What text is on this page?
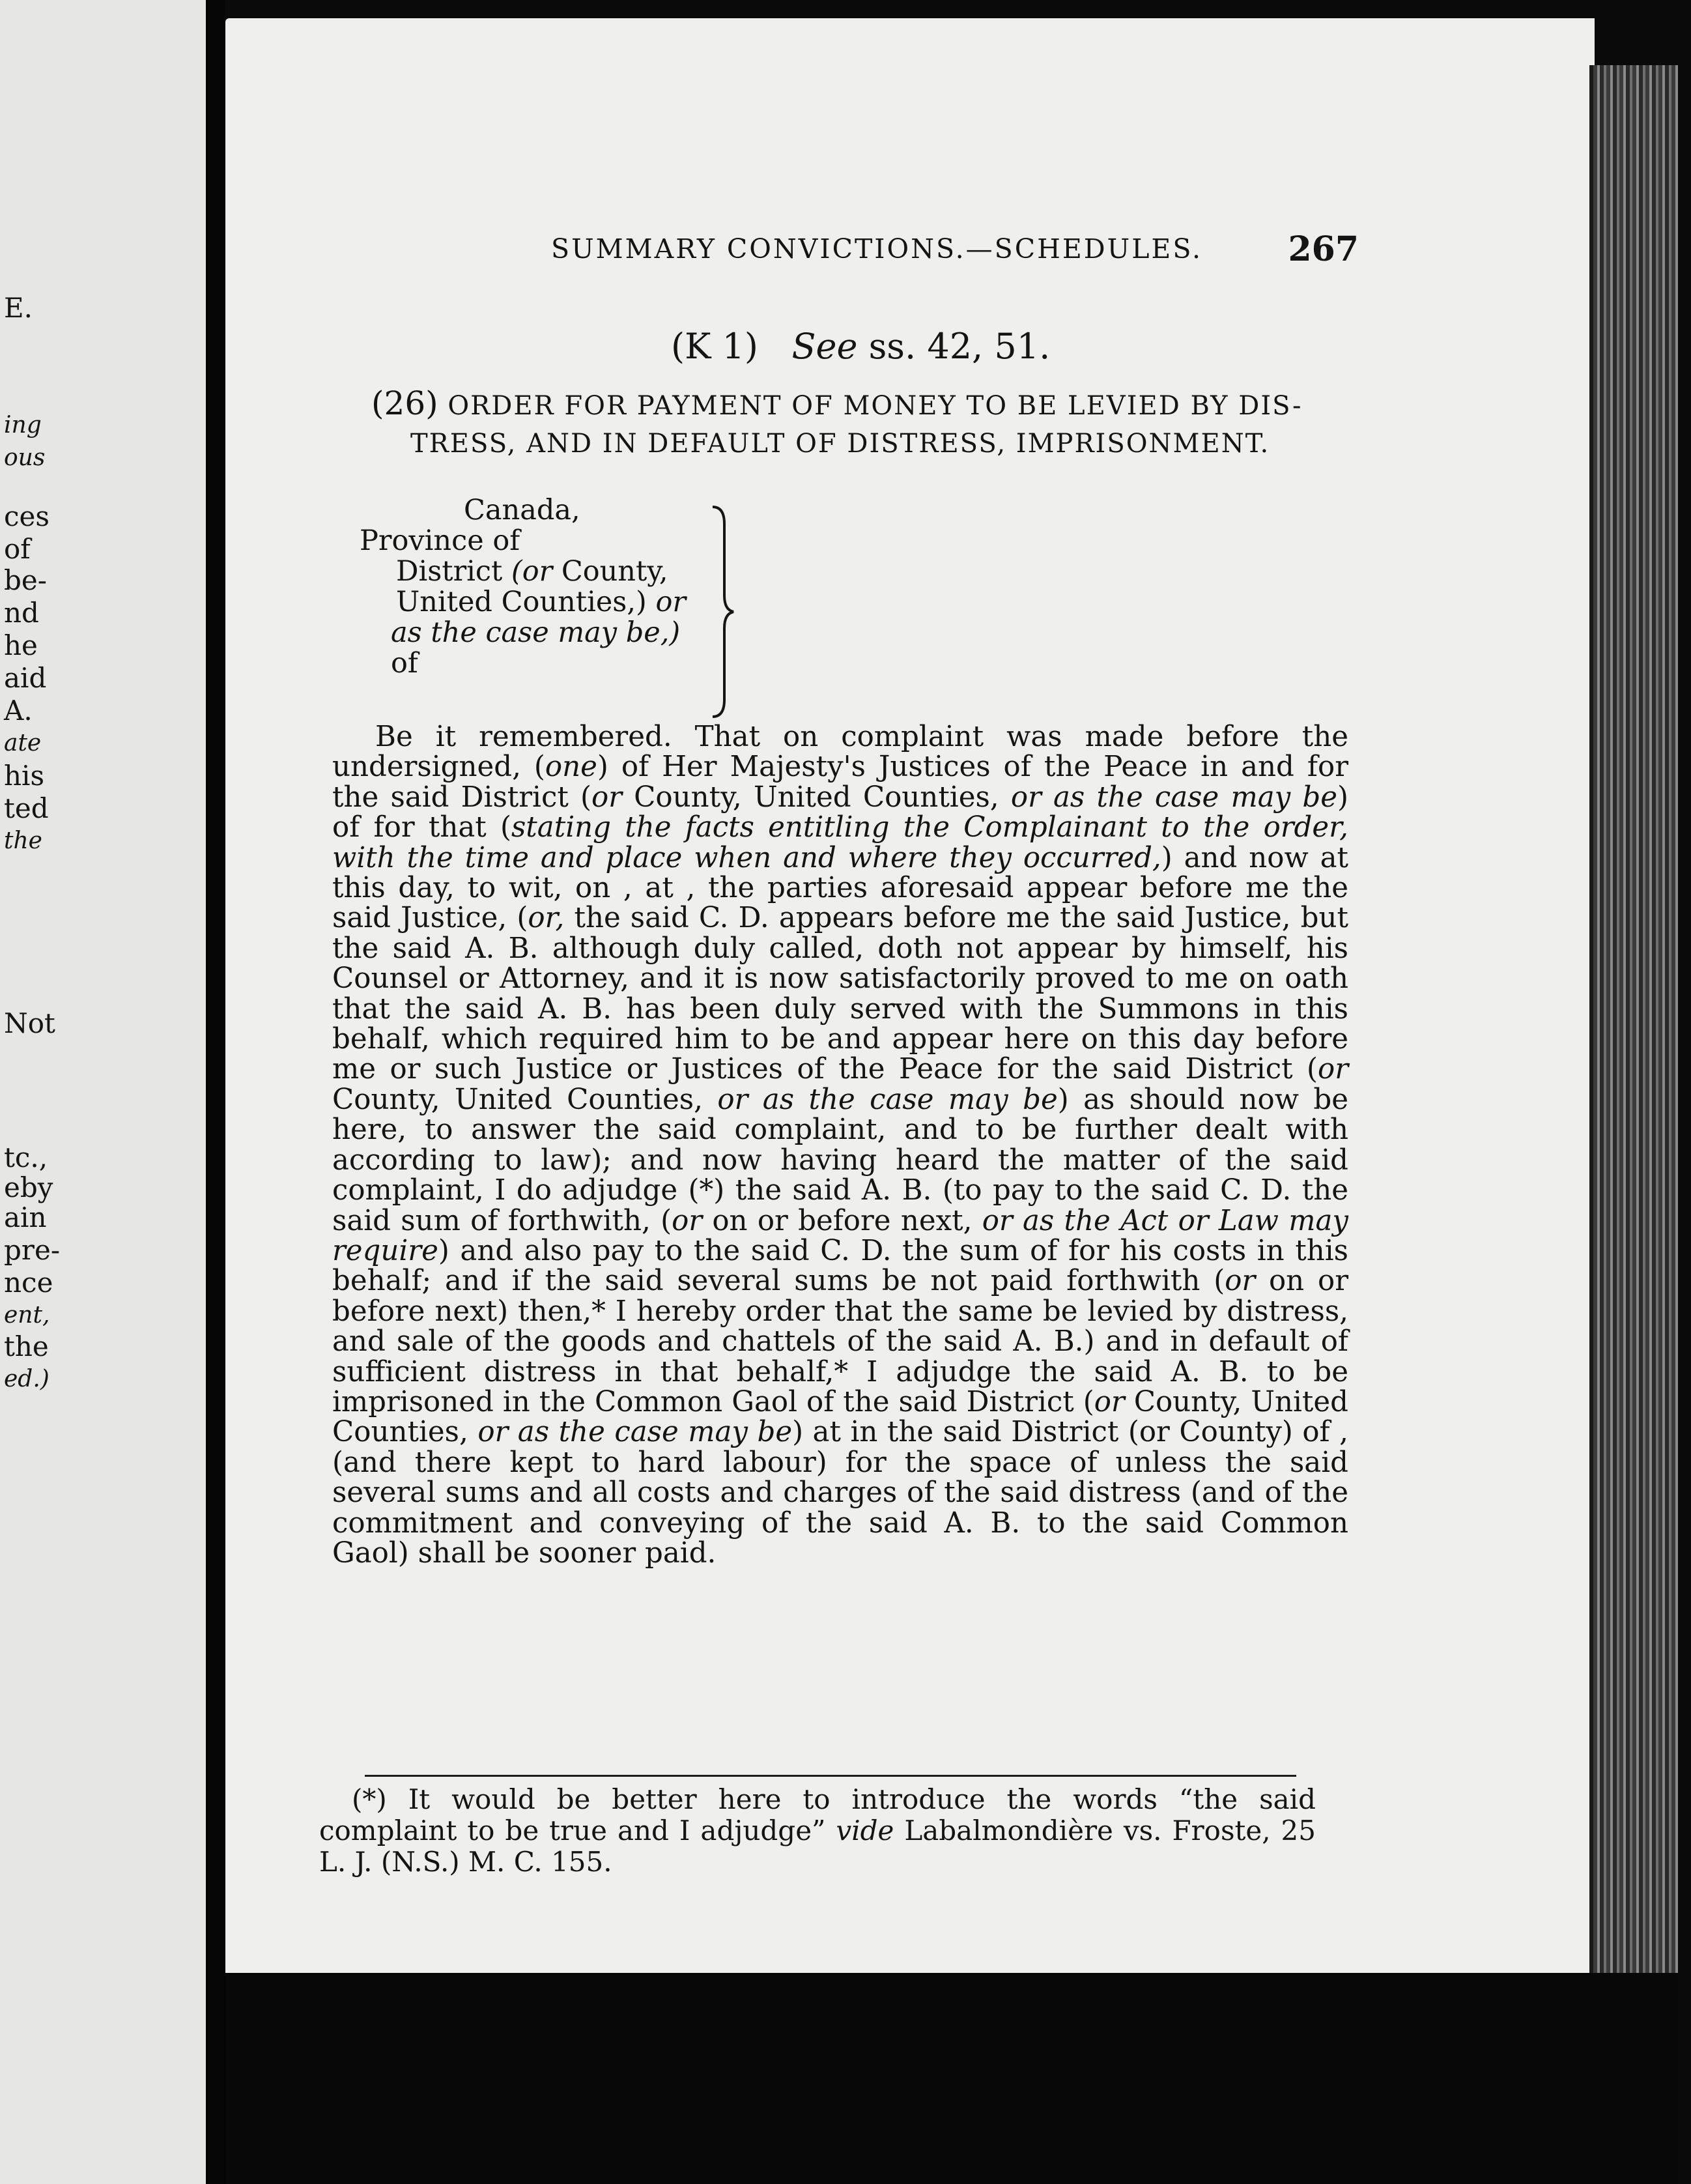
E.
ing
ous
ces
of
be-
nd
he
aid
A.
ate
his
ted
the
Not
tc.,
eby
ain
pre-
nce
ent,
the
ed.)
SUMMARY CONVICTIONS.—SCHEDULES.	267
(K 1) See ss. 42, 51.
(26) ORDER FOR PAYMENT OF MONEY TO BE LEVIED BY DIS-
TRESS, AND IN DEFAULT OF DISTRESS, IMPRISONMENT.
Canada,
Province of
District (or County,
United Counties,) or
as the case may be,)
of

Be it remembered. That on complaint was made before the undersigned, (one) of Her Majesty's Justices of the Peace in and for the said District (or County, United Counties, or as the case may be) of for that (stating the facts entitling the Complainant to the order, with the time and place when and where they occurred,) and now at this day, to wit, on , at , the parties aforesaid appear before me the said Justice, (or, the said C. D. appears before me the said Justice, but the said A. B. although duly called, doth not appear by himself, his Counsel or Attorney, and it is now satisfactorily proved to me on oath that the said A. B. has been duly served with the Summons in this behalf, which required him to be and appear here on this day before me or such Justice or Justices of the Peace for the said District (or County, United Counties, or as the case may be) as should now be here, to answer the said complaint, and to be further dealt with according to law); and now having heard the matter of the said complaint, I do adjudge (*) the said A. B. (to pay to the said C. D. the said sum of forthwith, (or on or before next, or as the Act or Law may require) and also pay to the said C. D. the sum of for his costs in this behalf; and if the said several sums be not paid forthwith (or on or before next) then,* I hereby order that the same be levied by distress, and sale of the goods and chattels of the said A. B.) and in default of sufficient distress in that behalf,* I adjudge the said A. B. to be imprisoned in the Common Gaol of the said District (or County, United Counties, or as the case may be) at in the said District (or County) of , (and there kept to hard labour) for the space of unless the said several sums and all costs and charges of the said distress (and of the commitment and conveying of the said A. B. to the said Common Gaol) shall be sooner paid.

(*) It would be better here to introduce the words “the said complaint to be true and I adjudge” vide Labalmondière vs. Froste, 25 L. J. (N.S.) M. C. 155.
